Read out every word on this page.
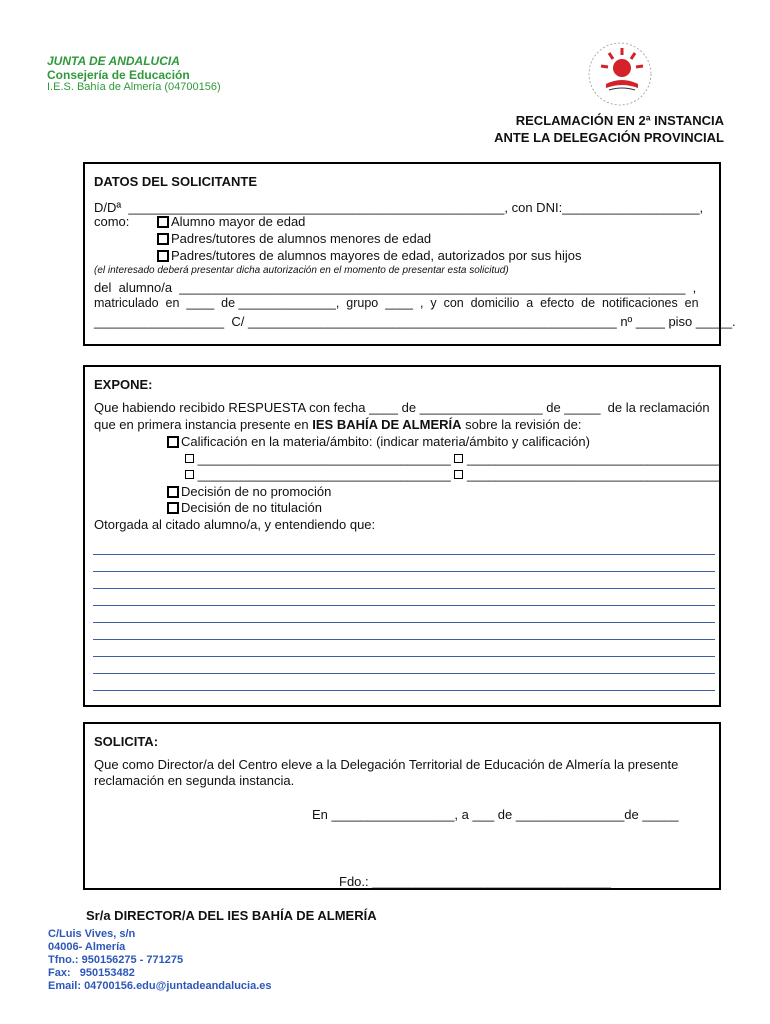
JUNTA DE ANDALUCIA
Consejería de Educación
I.E.S. Bahía de Almería (04700156)
RECLAMACIÓN EN 2ª INSTANCIA
ANTE LA DELEGACIÓN PROVINCIAL
DATOS DEL SOLICITANTE
D/Dª  ____________________________________________________, con DNI:___________________,
como:	Alumno mayor de edad
Padres/tutores de alumnos menores de edad
Padres/tutores de alumnos mayores de edad, autorizados por sus hijos
(el interesado deberá presentar dicha autorización en el momento de presentar esta solicitud)
del  alumno/a  ______________________________________________________________________  ,
matriculado  en  ____  de ______________,  grupo  ____  ,  y  con  domicilio  a  efecto  de  notificaciones  en
__________________  C/ ___________________________________________________ nº ____ piso _____.
EXPONE:
Que habiendo recibido RESPUESTA con fecha ____ de _________________ de _____  de la reclamación
que en primera instancia presente en IES BAHÍA DE ALMERÍA sobre la revisión de:
Calificación en la materia/ámbito: (indicar materia/ámbito y calificación)
___________________________________ ___________________________________
___________________________________ ___________________________________
Decisión de no promoción
Decisión de no titulación
Otorgada al citado alumno/a, y entendiendo que:
SOLICITA:
Que como Director/a del Centro eleve a la Delegación Territorial de Educación de Almería la presente
reclamación en segunda instancia.
En _________________, a ___ de _______________de _____
Fdo.: _________________________________
Sr/a DIRECTOR/A DEL IES BAHÍA DE ALMERÍA
C/Luis Vives, s/n
04006- Almería
Tfno.: 950156275 - 771275
Fax:   950153482
Email: 04700156.edu@juntadeandalucia.es
